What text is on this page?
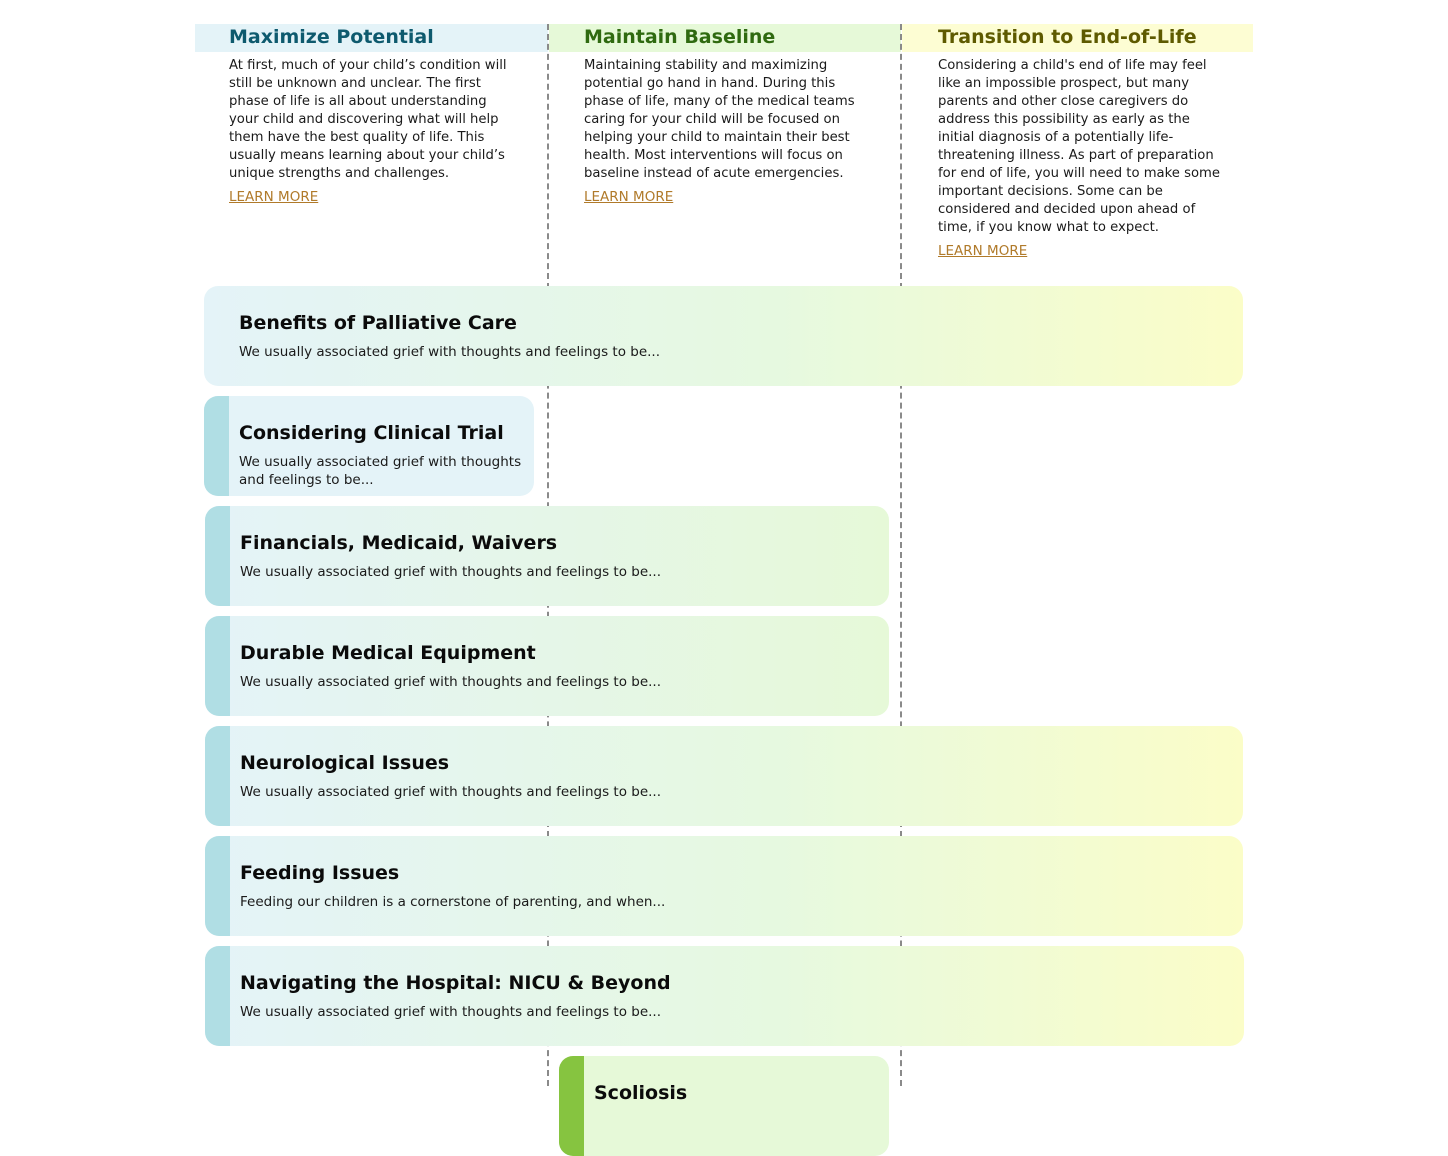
Maximize Potential

At first, much of your child’s condition will still be unknown and unclear. The first phase of life is all about understanding your child and discovering what will help them have the best quality of life. This usually means learning about your child’s unique strengths and challenges.

LEARN MORE
Maintain Baseline

Maintaining stability and maximizing potential go hand in hand. During this phase of life, many of the medical teams caring for your child will be focused on helping your child to maintain their best health. Most interventions will focus on baseline instead of acute emergencies.

LEARN MORE
Transition to End-of-Life

Considering a child's end of life may feel like an impossible prospect, but many parents and other close caregivers do address this possibility as early as the initial diagnosis of a potentially life-threatening illness. As part of preparation for end of life, you will need to make some important decisions. Some can be considered and decided upon ahead of time, if you know what to expect.

LEARN MORE
Benefits of Palliative Care

We usually associated grief with thoughts and feelings to be...

Considering Clinical Trial

We usually associated grief with thoughts and feelings to be...

Financials, Medicaid, Waivers

We usually associated grief with thoughts and feelings to be...

Durable Medical Equipment

We usually associated grief with thoughts and feelings to be...

Neurological Issues

We usually associated grief with thoughts and feelings to be...

Feeding Issues

Feeding our children is a cornerstone of parenting, and when...

Navigating the Hospital: NICU & Beyond

We usually associated grief with thoughts and feelings to be...

Scoliosis
